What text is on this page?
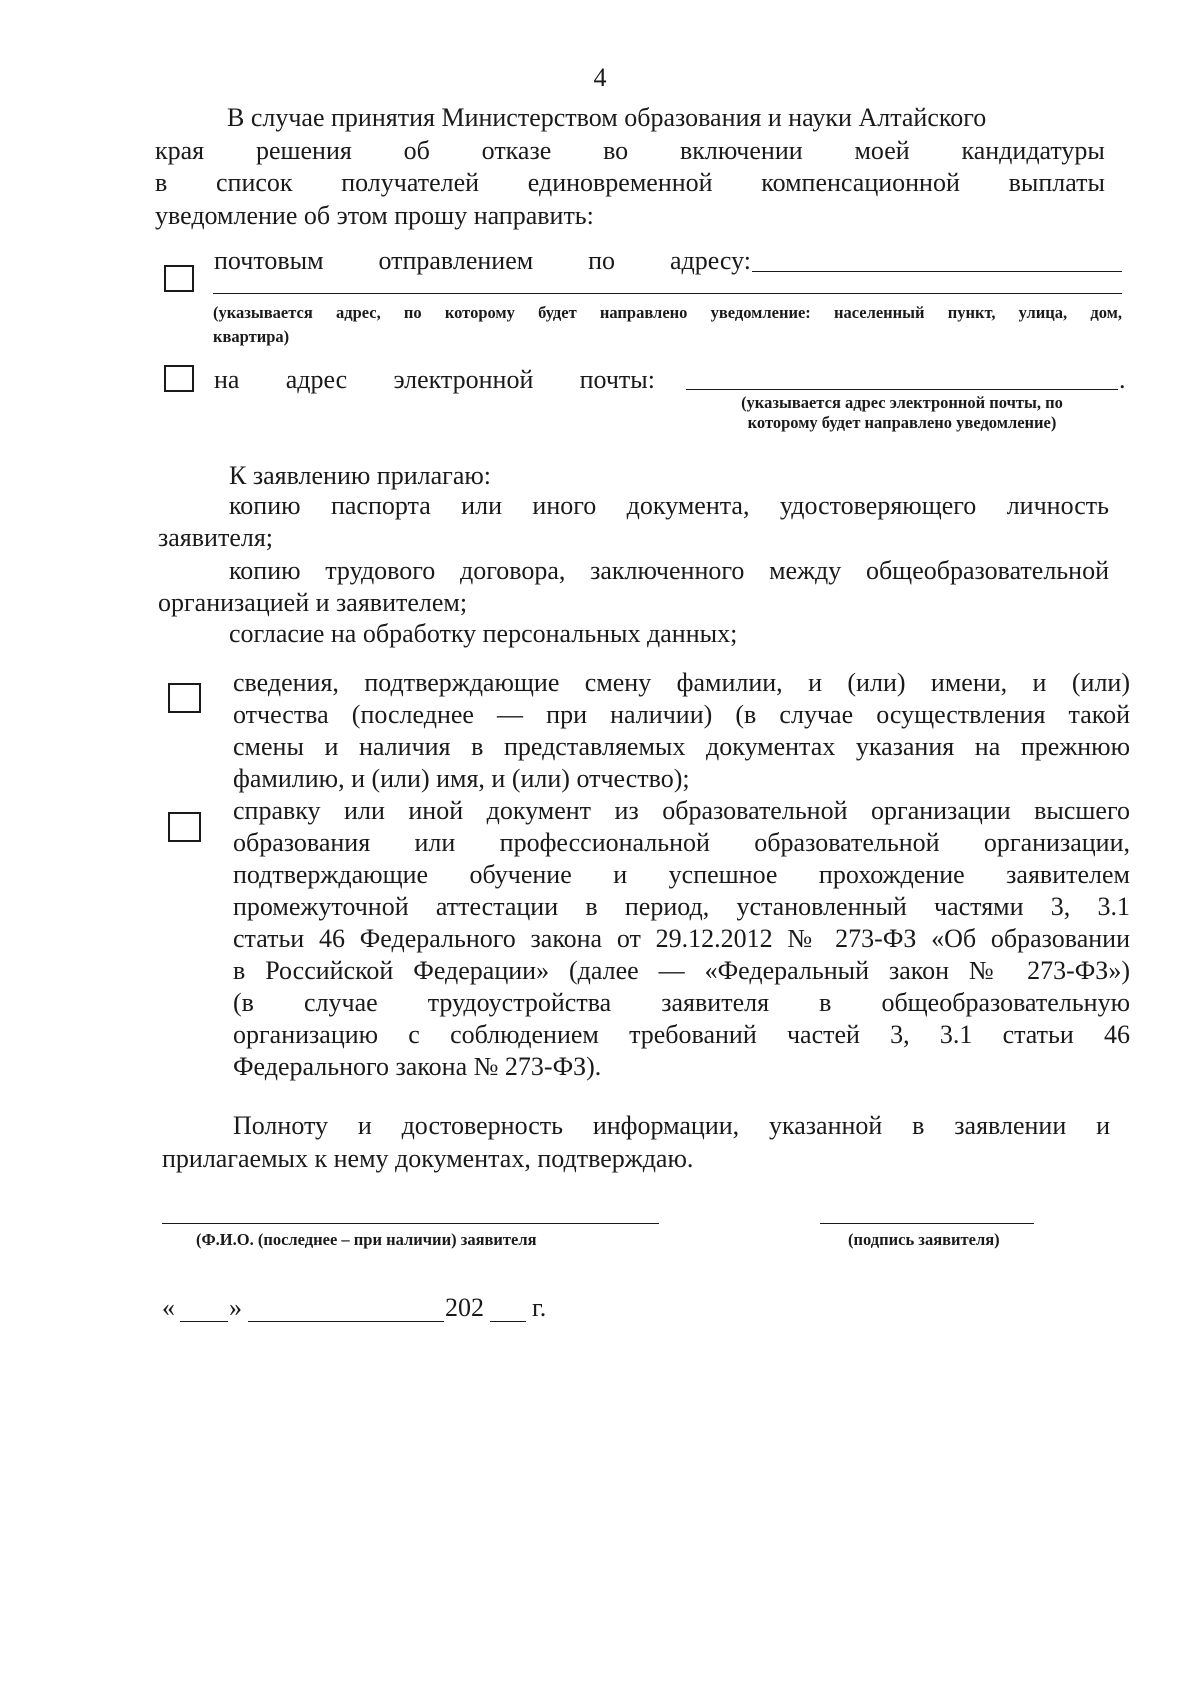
4
В случае принятия Министерством образования и науки Алтайского
края решения об отказе во включении моей кандидатуры
в список получателей единовременной компенсационной выплаты
уведомление об этом прошу направить:
почтовым отправлением по адресу:
(указывается адрес, по которому будет направлено уведомление: населенный пункт, улица, дом,
квартира)
на адрес электронной почты:	.
(указывается адрес электронной почты, по
которому будет направлено уведомление)
К заявлению прилагаю:
копию паспорта или иного документа, удостоверяющего личность
заявителя;
копию трудового договора, заключенного между общеобразовательной
организацией и заявителем;
согласие на обработку персональных данных;
сведения, подтверждающие смену фамилии, и (или) имени, и (или)
отчества (последнее — при наличии) (в случае осуществления такой
смены и наличия в представляемых документах указания на прежнюю
фамилию, и (или) имя, и (или) отчество);
справку или иной документ из образовательной организации высшего
образования или профессиональной образовательной организации,
подтверждающие обучение и успешное прохождение заявителем
промежуточной аттестации в период, установленный частями 3, 3.1
статьи 46 Федерального закона от 29.12.2012 № 273-ФЗ «Об образовании
в Российской Федерации» (далее — «Федеральный закон № 273-ФЗ»)
(в случае трудоустройства заявителя в общеобразовательную
организацию с соблюдением требований частей 3, 3.1 статьи 46
Федерального закона № 273-ФЗ).
Полноту и достоверность информации, указанной в заявлении и
прилагаемых к нему документах, подтверждаю.
(Ф.И.О. (последнее – при наличии) заявителя	(подпись заявителя)
« »	202 г.
